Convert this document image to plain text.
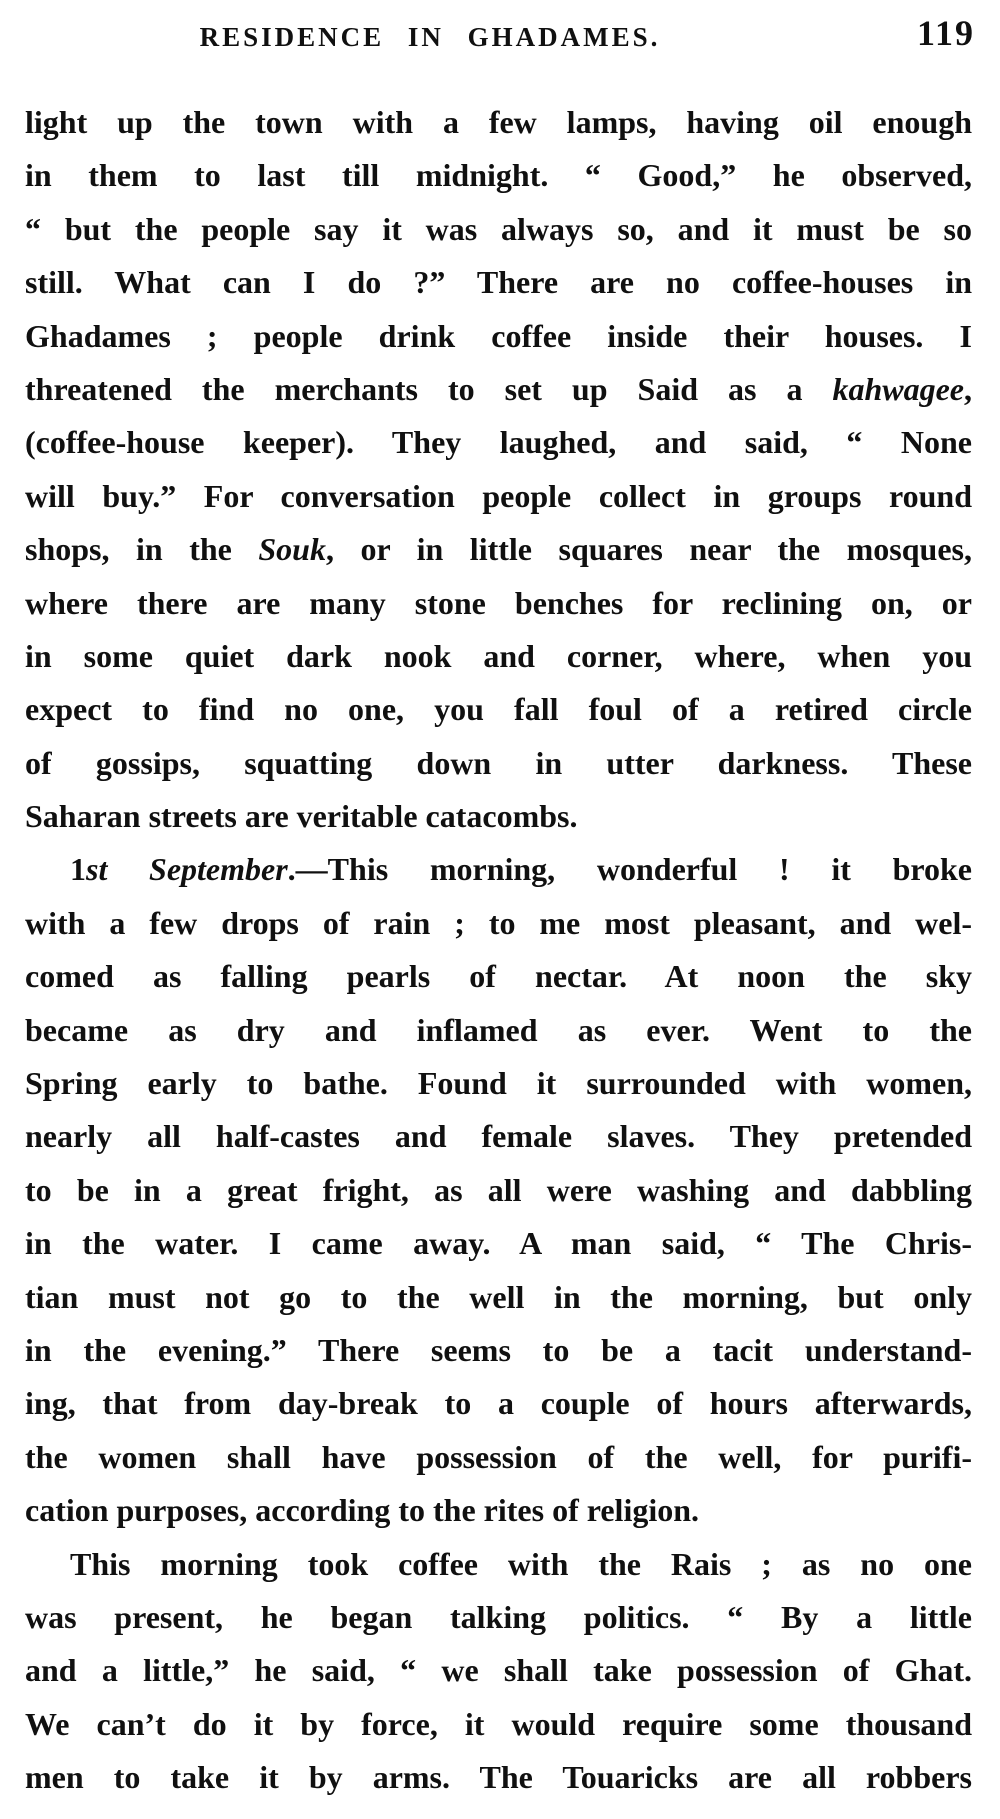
RESIDENCE IN GHADAMES.	119
light up the town with a few lamps, having oil enough
in them to last till midnight. “ Good,” he observed,
“ but the people say it was always so, and it must be so
still. What can I do ?” There are no coffee-houses in
Ghadames ; people drink coffee inside their houses. I
threatened the merchants to set up Said as a kahwagee,
(coffee-house keeper). They laughed, and said, “ None
will buy.” For conversation people collect in groups round
shops, in the Souk, or in little squares near the mosques,
where there are many stone benches for reclining on, or
in some quiet dark nook and corner, where, when you
expect to find no one, you fall foul of a retired circle
of gossips, squatting down in utter darkness. These
Saharan streets are veritable catacombs.
1st September.—This morning, wonderful ! it broke
with a few drops of rain ; to me most pleasant, and wel-
comed as falling pearls of nectar. At noon the sky
became as dry and inflamed as ever. Went to the
Spring early to bathe. Found it surrounded with women,
nearly all half-castes and female slaves. They pretended
to be in a great fright, as all were washing and dabbling
in the water. I came away. A man said, “ The Chris-
tian must not go to the well in the morning, but only
in the evening.” There seems to be a tacit understand-
ing, that from day-break to a couple of hours afterwards,
the women shall have possession of the well, for purifi-
cation purposes, according to the rites of religion.
This morning took coffee with the Rais ; as no one
was present, he began talking politics. “ By a little
and a little,” he said, “ we shall take possession of Ghat.
We can’t do it by force, it would require some thousand
men to take it by arms. The Touaricks are all robbers
